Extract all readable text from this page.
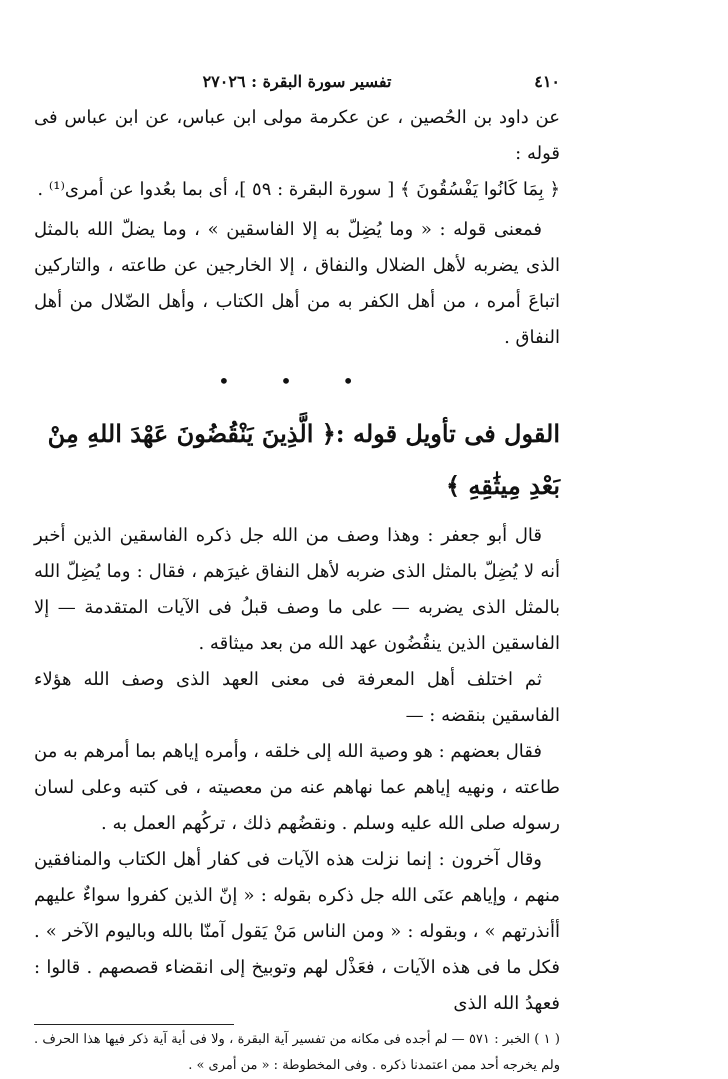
٤١٠
تفسير سورة البقرة : ٢٧٠٢٦

عن داود بن الحُصين ، عن عكرمة مولى ابن عباس، عن ابن عباس فى قوله :

﴿ بِمَا كَانُوا يَفْسُقُونَ ﴾ [ سورة البقرة : ٥٩ ]، أى بما بعُدوا عن أمرى⁽¹⁾ .

فمعنى قوله : « وما يُضِلّ به إلا الفاسقين » ، وما يضلّ الله بالمثل الذى يضربه لأهل الضلال والنفاق ، إلا الخارجين عن طاعته ، والتاركين اتباعَ أمره ، من أهل الكفر به من أهل الكتاب ، وأهل الضّلال من أهل النفاق .

• • •
القول فى تأويل قوله :﴿ الَّذِينَ يَنْقُضُونَ عَهْدَ اللهِ مِنْ بَعْدِ مِيثَٰقِهِ ﴾

قال أبو جعفر : وهذا وصف من الله جل ذكره الفاسقين الذين أخبر أنه لا يُضِلّ بالمثل الذى ضربه لأهل النفاق غيرَهم ، فقال : وما يُضِلّ الله بالمثل الذى يضربه — على ما وصف قبلُ فى الآيات المتقدمة — إلا الفاسقين الذين ينقُضُون عهد الله من بعد ميثاقه .

ثم اختلف أهل المعرفة فى معنى العهد الذى وصف الله هؤلاء الفاسقين بنقضه : —

فقال بعضهم : هو وصية الله إلى خلقه ، وأمره إياهم بما أمرهم به من طاعته ، ونهيه إياهم عما نهاهم عنه من معصيته ، فى كتبه وعلى لسان رسوله صلى الله عليه وسلم . ونقضُهم ذلك ، تركُهم العمل به .

وقال آخرون : إنما نزلت هذه الآيات فى كفار أهل الكتاب والمنافقين منهم ، وإياهم عنَى الله جل ذكره بقوله : « إنّ الذين كفروا سواءٌ عليهم أأنذرتهم » ، وبقوله : « ومن الناس مَنْ يَقول آمنّا بالله وباليوم الآخر » . فكل ما فى هذه الآيات ، فعَذْل لهم وتوبيخ إلى انقضاء قصصهم . قالوا : فعهدُ الله الذى

( ١ ) الخبر : ٥٧١ — لم أجده فى مكانه من تفسير آية البقرة ، ولا فى أية آية ذكر فيها هذا الحرف . ولم يخرجه أحد ممن اعتمدنا ذكره . وفى المخطوطة : « من أمرى » .
